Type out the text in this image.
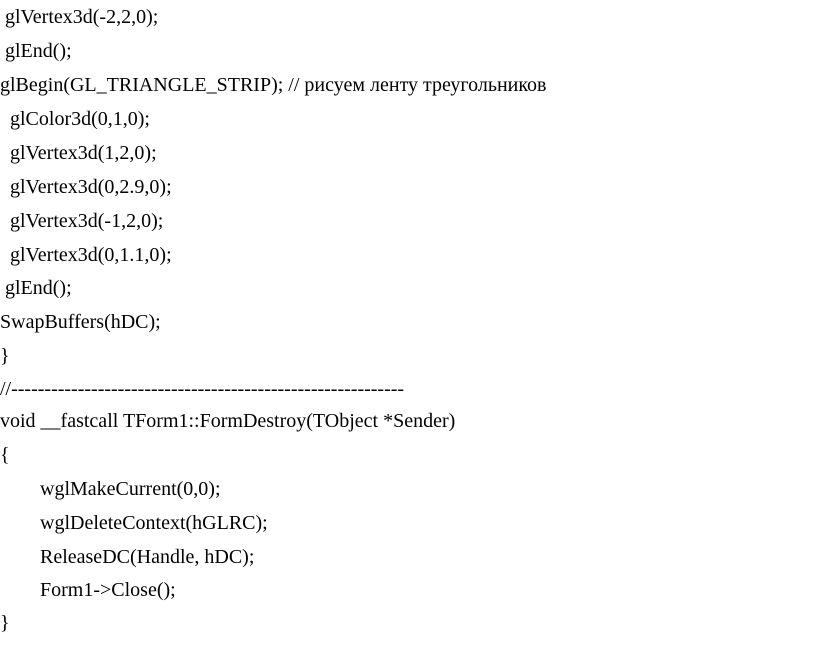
glVertex3d(-2,2,0);
glEnd();
glBegin(GL_TRIANGLE_STRIP); // рисуем ленту треугольников
glColor3d(0,1,0);
glVertex3d(1,2,0);
glVertex3d(0,2.9,0);
glVertex3d(-1,2,0);
glVertex3d(0,1.1,0);
glEnd();
SwapBuffers(hDC);
}
//-----------------------------------------------------------
void __fastcall TForm1::FormDestroy(TObject *Sender)
{
wglMakeCurrent(0,0);
wglDeleteContext(hGLRC);
ReleaseDC(Handle, hDC);
Form1->Close();
}
